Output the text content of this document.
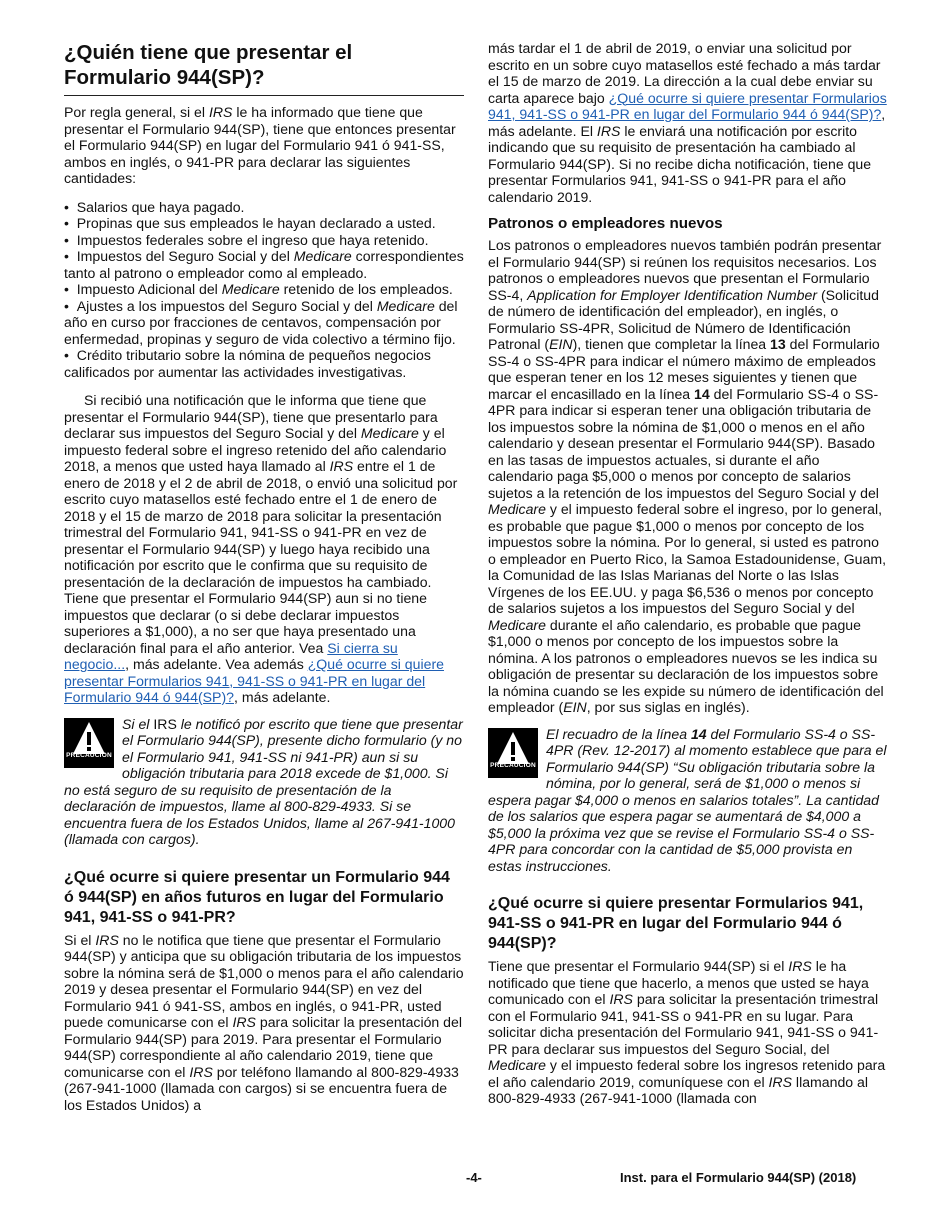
¿Quién tiene que presentar el Formulario 944(SP)?

Por regla general, si el IRS le ha informado que tiene que presentar el Formulario 944(SP), tiene que entonces presentar el Formulario 944(SP) en lugar del Formulario 941 ó 941-SS, ambos en inglés, o 941-PR para declarar las siguientes cantidades:

•  Salarios que haya pagado.
•  Propinas que sus empleados le hayan declarado a usted.
•  Impuestos federales sobre el ingreso que haya retenido.
•  Impuestos del Seguro Social y del Medicare correspondientes tanto al patrono o empleador como al empleado.
•  Impuesto Adicional del Medicare retenido de los empleados.
•  Ajustes a los impuestos del Seguro Social y del Medicare del año en curso por fracciones de centavos, compensación por enfermedad, propinas y seguro de vida colectivo a término fijo.
•  Crédito tributario sobre la nómina de pequeños negocios calificados por aumentar las actividades investigativas.

Si recibió una notificación que le informa que tiene que presentar el Formulario 944(SP), tiene que presentarlo para declarar sus impuestos del Seguro Social y del Medicare y el impuesto federal sobre el ingreso retenido del año calendario 2018, a menos que usted haya llamado al IRS entre el 1 de enero de 2018 y el 2 de abril de 2018, o envió una solicitud por escrito cuyo matasellos esté fechado entre el 1 de enero de 2018 y el 15 de marzo de 2018 para solicitar la presentación trimestral del Formulario 941, 941-SS o 941-PR en vez de presentar el Formulario 944(SP) y luego haya recibido una notificación por escrito que le confirma que su requisito de presentación de la declaración de impuestos ha cambiado. Tiene que presentar el Formulario 944(SP) aun si no tiene impuestos que declarar (o si debe declarar impuestos superiores a $1,000), a no ser que haya presentado una declaración final para el año anterior. Vea Si cierra su negocio..., más adelante. Vea además ¿Qué ocurre si quiere presentar Formularios 941, 941-SS o 941-PR en lugar del Formulario 944 ó 944(SP)?, más adelante.

PRECAUCION
Si el IRS le notificó por escrito que tiene que presentar el Formulario 944(SP), presente dicho formulario (y no el Formulario 941, 941-SS ni 941-PR) aun si su obligación tributaria para 2018 excede de $1,000. Si no está seguro de su requisito de presentación de la declaración de impuestos, llame al 800-829-4933. Si se encuentra fuera de los Estados Unidos, llame al 267-941-1000 (llamada con cargos).
¿Qué ocurre si quiere presentar un Formulario 944 ó 944(SP) en años futuros en lugar del Formulario 941, 941-SS o 941-PR?

Si el IRS no le notifica que tiene que presentar el Formulario 944(SP) y anticipa que su obligación tributaria de los impuestos sobre la nómina será de $1,000 o menos para el año calendario 2019 y desea presentar el Formulario 944(SP) en vez del Formulario 941 ó 941-SS, ambos en inglés, o 941-PR, usted puede comunicarse con el IRS para solicitar la presentación del Formulario 944(SP) para 2019. Para presentar el Formulario 944(SP) correspondiente al año calendario 2019, tiene que comunicarse con el IRS por teléfono llamando al 800-829-4933 (267-941-1000 (llamada con cargos) si se encuentra fuera de los Estados Unidos) a

más tardar el 1 de abril de 2019, o enviar una solicitud por escrito en un sobre cuyo matasellos esté fechado a más tardar el 15 de marzo de 2019. La dirección a la cual debe enviar su carta aparece bajo ¿Qué ocurre si quiere presentar Formularios 941, 941-SS o 941-PR en lugar del Formulario 944 ó 944(SP)?, más adelante. El IRS le enviará una notificación por escrito indicando que su requisito de presentación ha cambiado al Formulario 944(SP). Si no recibe dicha notificación, tiene que presentar Formularios 941, 941-SS o 941-PR para el año calendario 2019.

Patronos o empleadores nuevos

Los patronos o empleadores nuevos también podrán presentar el Formulario 944(SP) si reúnen los requisitos necesarios. Los patronos o empleadores nuevos que presentan el Formulario SS-4, Application for Employer Identification Number (Solicitud de número de identificación del empleador), en inglés, o Formulario SS-4PR, Solicitud de Número de Identificación Patronal (EIN), tienen que completar la línea 13 del Formulario SS-4 o SS-4PR para indicar el número máximo de empleados que esperan tener en los 12 meses siguientes y tienen que marcar el encasillado en la línea 14 del Formulario SS-4 o SS-4PR para indicar si esperan tener una obligación tributaria de los impuestos sobre la nómina de $1,000 o menos en el año calendario y desean presentar el Formulario 944(SP). Basado en las tasas de impuestos actuales, si durante el año calendario paga $5,000 o menos por concepto de salarios sujetos a la retención de los impuestos del Seguro Social y del Medicare y el impuesto federal sobre el ingreso, por lo general, es probable que pague $1,000 o menos por concepto de los impuestos sobre la nómina. Por lo general, si usted es patrono o empleador en Puerto Rico, la Samoa Estadounidense, Guam, la Comunidad de las Islas Marianas del Norte o las Islas Vírgenes de los EE.UU. y paga $6,536 o menos por concepto de salarios sujetos a los impuestos del Seguro Social y del Medicare durante el año calendario, es probable que pague $1,000 o menos por concepto de los impuestos sobre la nómina. A los patronos o empleadores nuevos se les indica su obligación de presentar su declaración de los impuestos sobre la nómina cuando se les expide su número de identificación del empleador (EIN, por sus siglas en inglés).

PRECAUCION
El recuadro de la línea 14 del Formulario SS-4 o SS-4PR (Rev. 12-2017) al momento establece que para el Formulario 944(SP) “Su obligación tributaria sobre la nómina, por lo general, será de $1,000 o menos si espera pagar $4,000 o menos en salarios totales”. La cantidad de los salarios que espera pagar se aumentará de $4,000 a $5,000 la próxima vez que se revise el Formulario SS-4 o SS-4PR para concordar con la cantidad de $5,000 provista en estas instrucciones.
¿Qué ocurre si quiere presentar Formularios 941, 941-SS o 941-PR en lugar del Formulario 944 ó 944(SP)?

Tiene que presentar el Formulario 944(SP) si el IRS le ha notificado que tiene que hacerlo, a menos que usted se haya comunicado con el IRS para solicitar la presentación trimestral con el Formulario 941, 941-SS o 941-PR en su lugar. Para solicitar dicha presentación del Formulario 941, 941-SS o 941-PR para declarar sus impuestos del Seguro Social, del Medicare y el impuesto federal sobre los ingresos retenido para el año calendario 2019, comuníquese con el IRS llamando al 800-829-4933 (267-941-1000 (llamada con

-4-	Inst. para el Formulario 944(SP) (2018)
